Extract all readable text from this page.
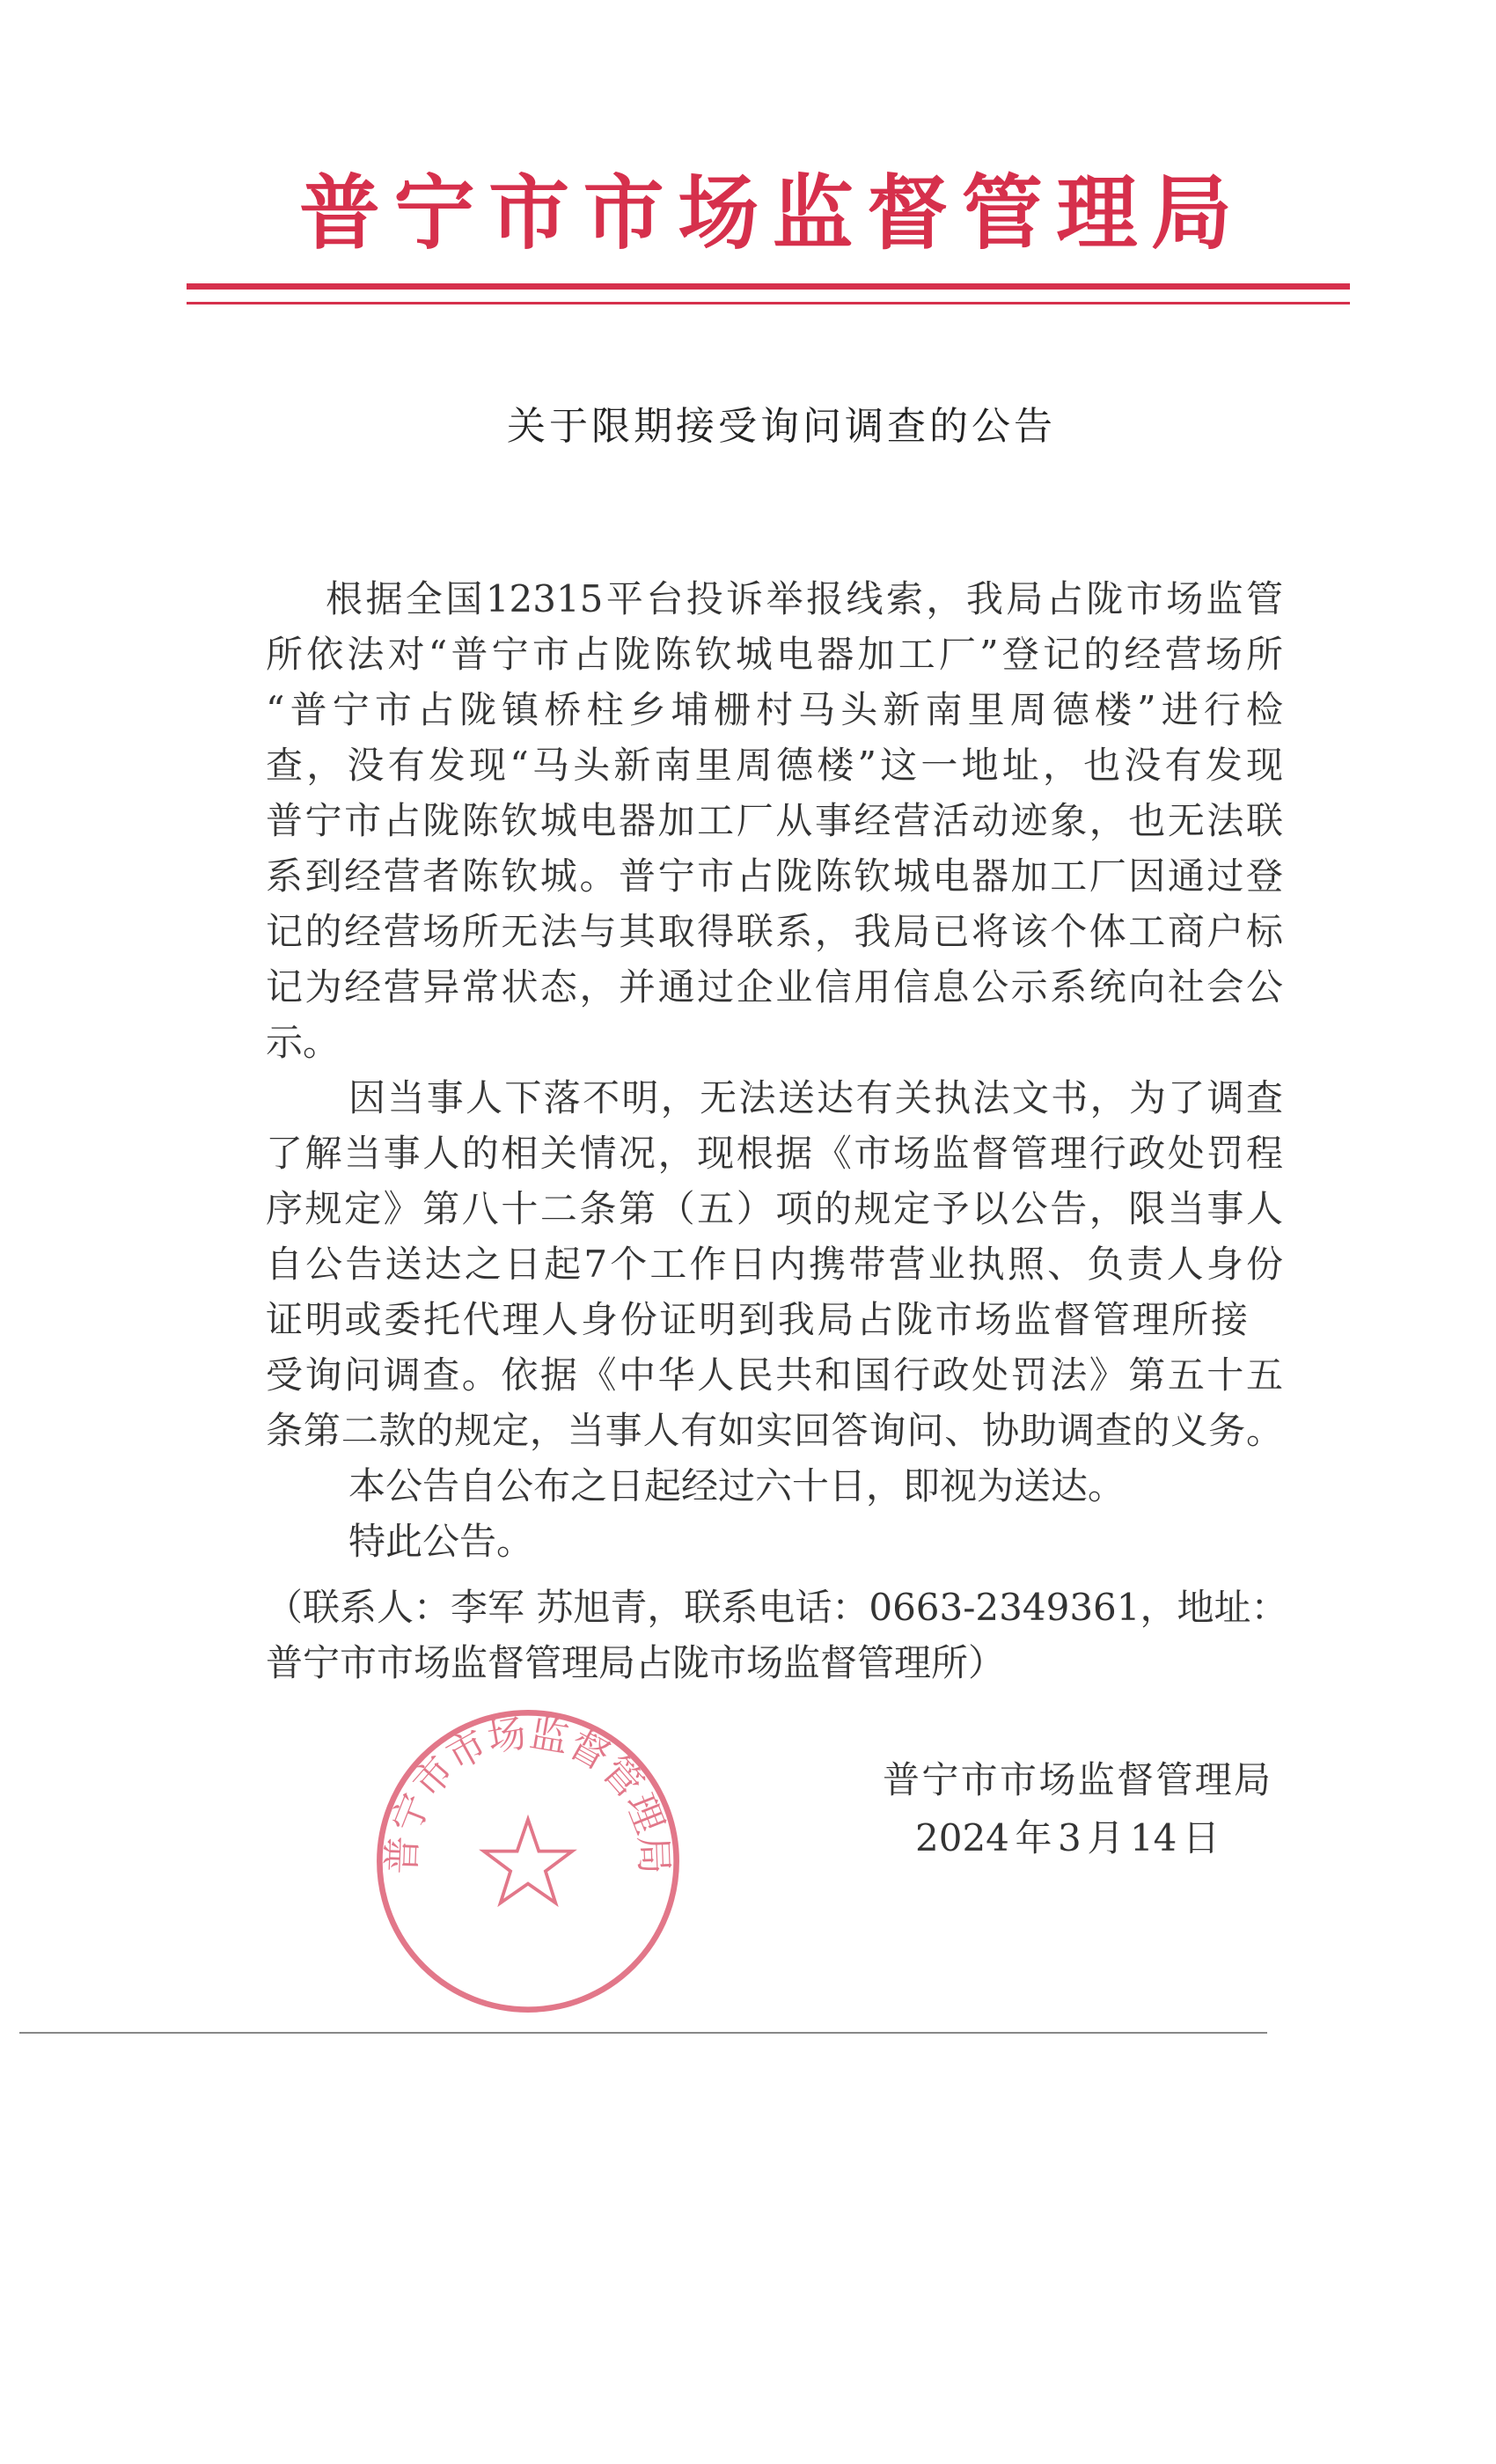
普 宁 市 市 场 监 督 管 理 局
关于限期接受询问调查的公告
根据全国12315平台投诉举报线索，我局占陇市场监管
所依法对“普宁市占陇陈钦城电器加工厂”登记的经营场所
“普宁市占陇镇桥柱乡埔栅村马头新南里周德楼”进行检
查，没有发现“马头新南里周德楼”这一地址，也没有发现
普宁市占陇陈钦城电器加工厂从事经营活动迹象，也无法联
系到经营者陈钦城。普宁市占陇陈钦城电器加工厂因通过登
记的经营场所无法与其取得联系，我局已将该个体工商户标
记为经营异常状态，并通过企业信用信息公示系统向社会公
示。
因当事人下落不明，无法送达有关执法文书，为了调查
了解当事人的相关情况，现根据《市场监督管理行政处罚程
序规定》第八十二条第（五）项的规定予以公告，限当事人
自公告送达之日起7个工作日内携带营业执照、负责人身份
证明或委托代理人身份证明到我局占陇市场监督管理所接
受询问调查。依据《中华人民共和国行政处罚法》第五十五
条第二款的规定，当事人有如实回答询问、协助调查的义务。
本公告自公布之日起经过六十日，即视为送达。
特此公告。
（联系人：李军 苏旭青，联系电话：0663-2349361，地址：
普宁市市场监督管理局占陇市场监督管理所）
普宁市市场监督管理局
普宁市市场监督管理局
2024年3月14日
